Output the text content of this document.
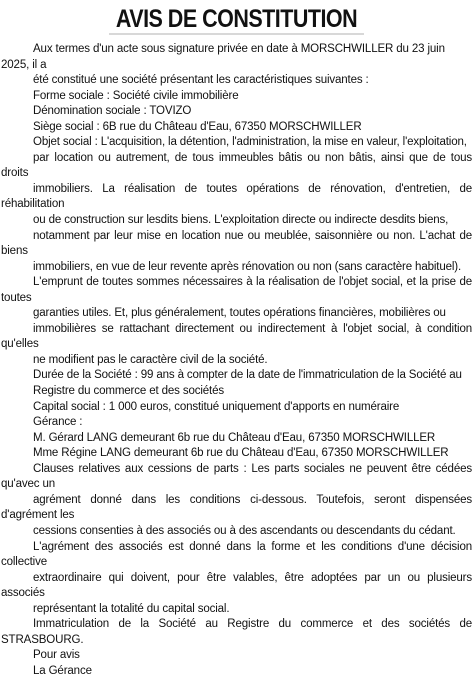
AVIS DE CONSTITUTION

Aux termes d'un acte sous signature privée en date à MORSCHWILLER du 23 juin 2025, il a

été constitué une société présentant les caractéristiques suivantes :

Forme sociale : Société civile immobilière

Dénomination sociale : TOVIZO

Siège social : 6B rue du Château d'Eau, 67350 MORSCHWILLER

Objet social : L'acquisition, la détention, l'administration, la mise en valeur, l'exploitation,

par location ou autrement, de tous immeubles bâtis ou non bâtis, ainsi que de tous droits

immobiliers. La réalisation de toutes opérations de rénovation, d'entretien, de réhabilitation

ou de construction sur lesdits biens. L'exploitation directe ou indirecte desdits biens,

notamment par leur mise en location nue ou meublée, saisonnière ou non. L'achat de biens

immobiliers, en vue de leur revente après rénovation ou non (sans caractère habituel).

L'emprunt de toutes sommes nécessaires à la réalisation de l'objet social, et la prise de toutes

garanties utiles. Et, plus généralement, toutes opérations financières, mobilières ou

immobilières se rattachant directement ou indirectement à l'objet social, à condition qu'elles

ne modifient pas le caractère civil de la société.

Durée de la Société : 99 ans à compter de la date de l'immatriculation de la Société au

Registre du commerce et des sociétés

Capital social : 1 000 euros, constitué uniquement d'apports en numéraire

Gérance :

M. Gérard LANG demeurant 6b rue du Château d'Eau, 67350 MORSCHWILLER

Mme Régine LANG demeurant 6b rue du Château d'Eau, 67350 MORSCHWILLER

Clauses relatives aux cessions de parts : Les parts sociales ne peuvent être cédées qu'avec un

agrément donné dans les conditions ci-dessous. Toutefois, seront dispensées d'agrément les

cessions consenties à des associés ou à des ascendants ou descendants du cédant.

L'agrément des associés est donné dans la forme et les conditions d'une décision collective

extraordinaire qui doivent, pour être valables, être adoptées par un ou plusieurs associés

représentant la totalité du capital social.

Immatriculation de la Société au Registre du commerce et des sociétés de STRASBOURG.

Pour avis

La Gérance
